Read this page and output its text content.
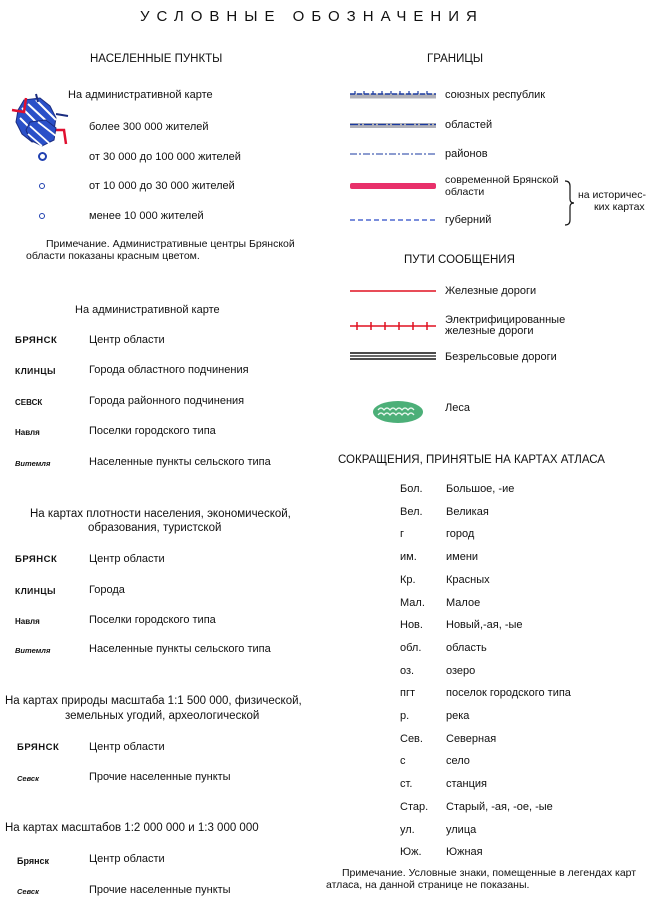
УСЛОВНЫЕ ОБОЗНАЧЕНИЯ
НАСЕЛЕННЫЕ ПУНКТЫ
На административной карте
более 300 000 жителей
от 30 000 до 100 000 жителей
от 10 000 до 30 000 жителей
менее 10 000 жителей
Примечание. Административные центры Брянской области показаны красным цветом.
На административной карте
БРЯНСК	Центр области
КЛИНЦЫ	Города областного подчинения
СЕВСК	Города районного подчинения
Навля	Поселки городского типа
Витемля	Населенные пункты сельского типа
На картах плотности населения, экономической,
образования, туристской
БРЯНСК	Центр области
КЛИНЦЫ	Города
Навля	Поселки городского типа
Витемля	Населенные пункты сельского типа
На картах природы масштаба 1:1 500 000, физической,
земельных угодий, археологической
БРЯНСК	Центр области
Севск	Прочие населенные пункты
На картах масштабов 1:2 000 000 и 1:3 000 000
Брянск	Центр области
Севск	Прочие населенные пункты
ГРАНИЦЫ
союзных республик
областей
районов
современной Брянской
области
губерний
на историчес-
ких картах
ПУТИ СООБЩЕНИЯ
Железные дороги
Электрифицированные
железные дороги
Безрельсовые дороги
Леса
СОКРАЩЕНИЯ, ПРИНЯТЫЕ НА КАРТАХ АТЛАСА
Бол. Большое, -ие
Вел. Великая
г	город
им.	имени
Кр.	Красных
Мал. Малое
Нов. Новый,-ая, -ые
обл. область
оз.	озеро
пгт	поселок городского типа
р.	река
Сев. Северная
с	село
ст.	станция
Стар. Старый, -ая, -ое, -ые
ул.	улица
Юж. Южная
Примечание. Условные знаки, помещенные в легендах карт атласа, на данной странице не показаны.
